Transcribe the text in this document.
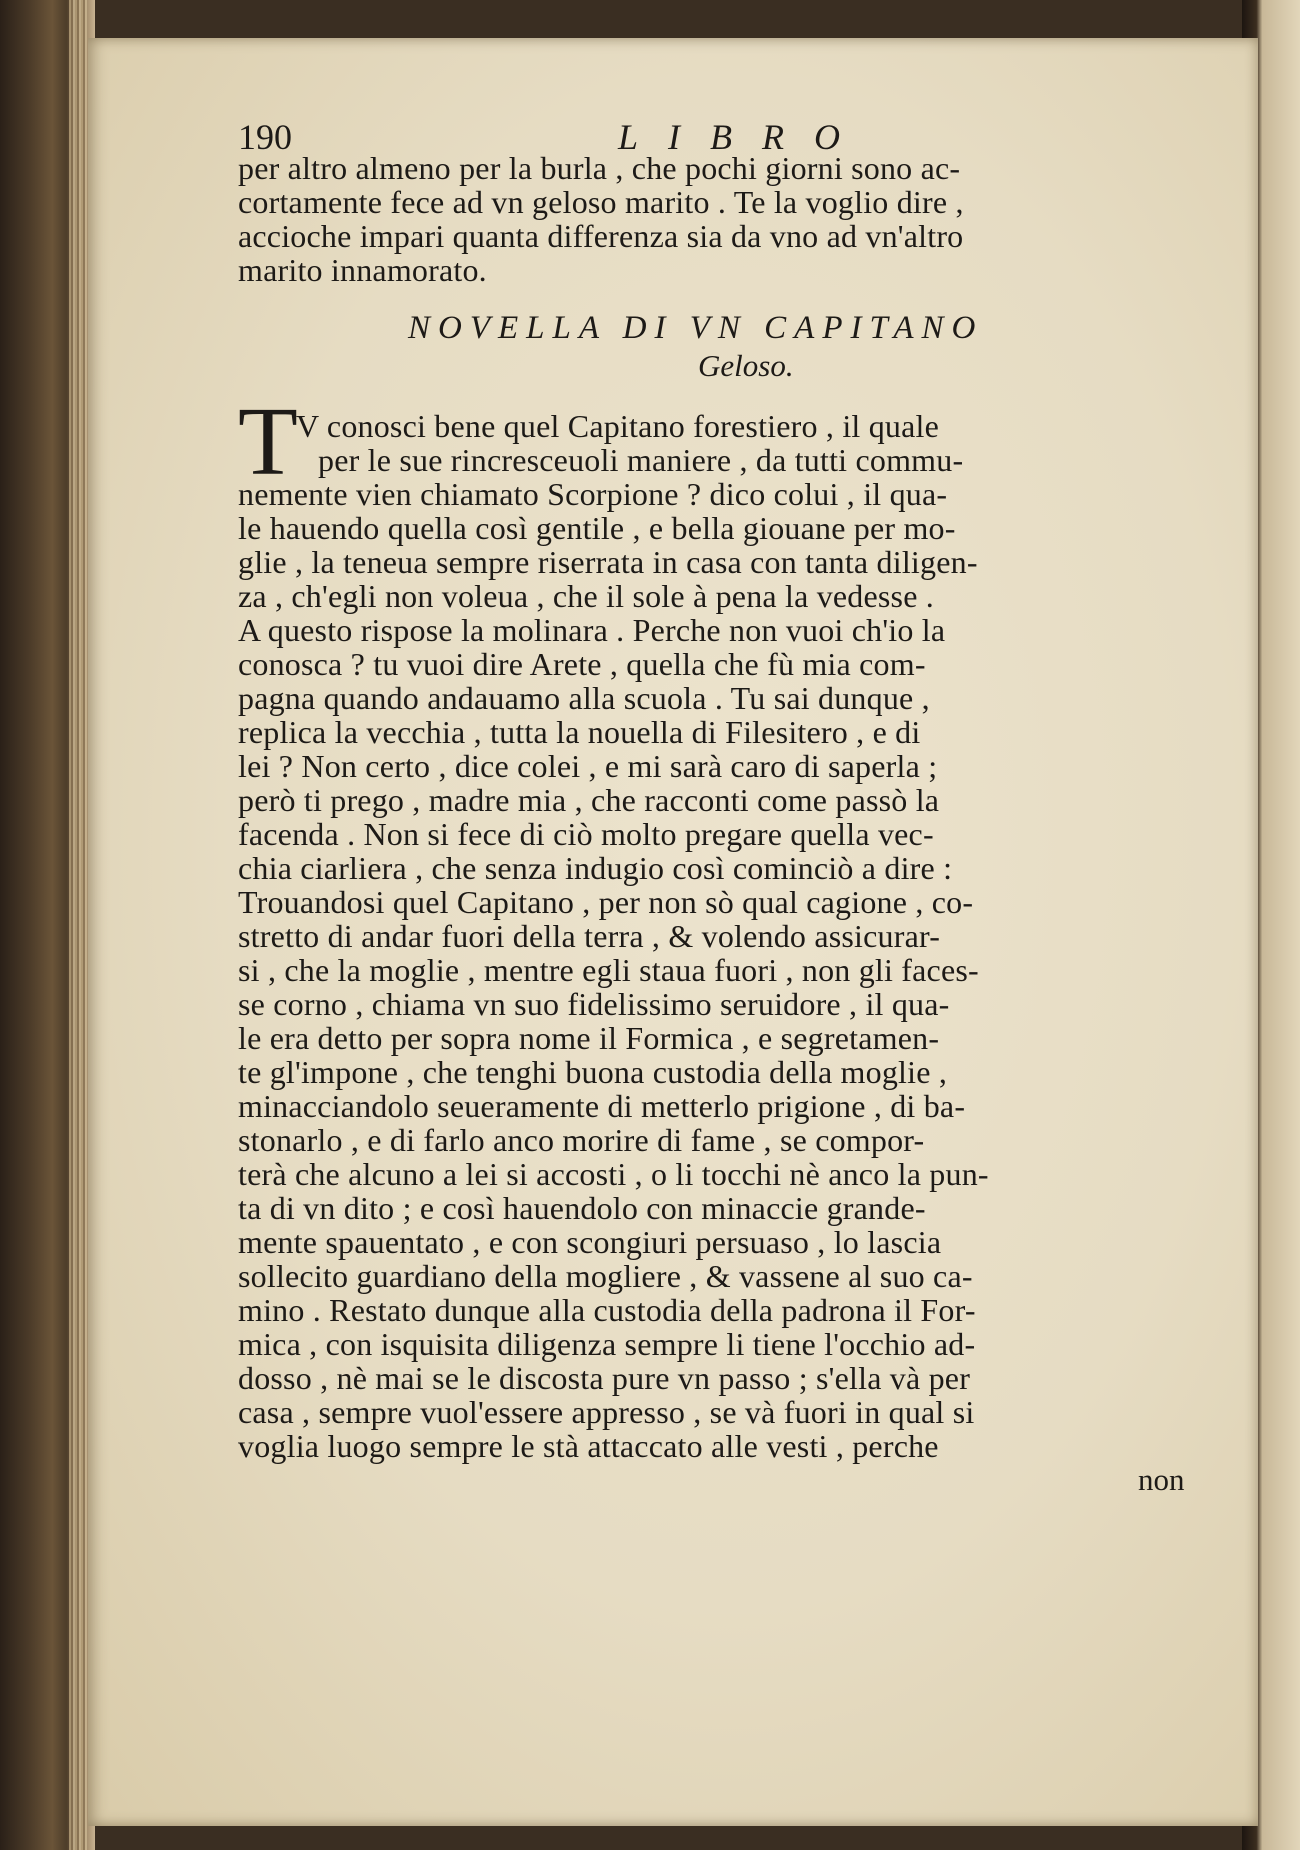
190	LIBRO
per altro almeno per la burla , che pochi giorni sono ac-
cortamente fece ad vn geloso marito . Te la voglio dire ,
accioche impari quanta differenza sia da vno ad vn'altro
marito innamorato.
NOVELLA DI VN CAPITANO
Geloso.
T
V conosci bene quel Capitano forestiero , il quale
per le sue rincresceuoli maniere , da tutti commu-
nemente vien chiamato Scorpione ? dico colui , il qua-
le hauendo quella così gentile , e bella giouane per mo-
glie , la teneua sempre riserrata in casa con tanta diligen-
za , ch'egli non voleua , che il sole à pena la vedesse .
A questo rispose la molinara . Perche non vuoi ch'io la
conosca ? tu vuoi dire Arete , quella che fù mia com-
pagna quando andauamo alla scuola . Tu sai dunque ,
replica la vecchia , tutta la nouella di Filesitero , e di
lei ? Non certo , dice colei , e mi sarà caro di saperla ;
però ti prego , madre mia , che racconti come passò la
facenda . Non si fece di ciò molto pregare quella vec-
chia ciarliera , che senza indugio così cominciò a dire :
Trouandosi quel Capitano , per non sò qual cagione , co-
stretto di andar fuori della terra , & volendo assicurar-
si , che la moglie , mentre egli staua fuori , non gli faces-
se corno , chiama vn suo fidelissimo seruidore , il qua-
le era detto per sopra nome il Formica , e segretamen-
te gl'impone , che tenghi buona custodia della moglie ,
minacciandolo seueramente di metterlo prigione , di ba-
stonarlo , e di farlo anco morire di fame , se compor-
terà che alcuno a lei si accosti , o li tocchi nè anco la pun-
ta di vn dito ; e così hauendolo con minaccie grande-
mente spauentato , e con scongiuri persuaso , lo lascia
sollecito guardiano della mogliere , & vassene al suo ca-
mino . Restato dunque alla custodia della padrona il For-
mica , con isquisita diligenza sempre li tiene l'occhio ad-
dosso , nè mai se le discosta pure vn passo ; s'ella và per
casa , sempre vuol'essere appresso , se và fuori in qual si
voglia luogo sempre le stà attaccato alle vesti , perche
non
